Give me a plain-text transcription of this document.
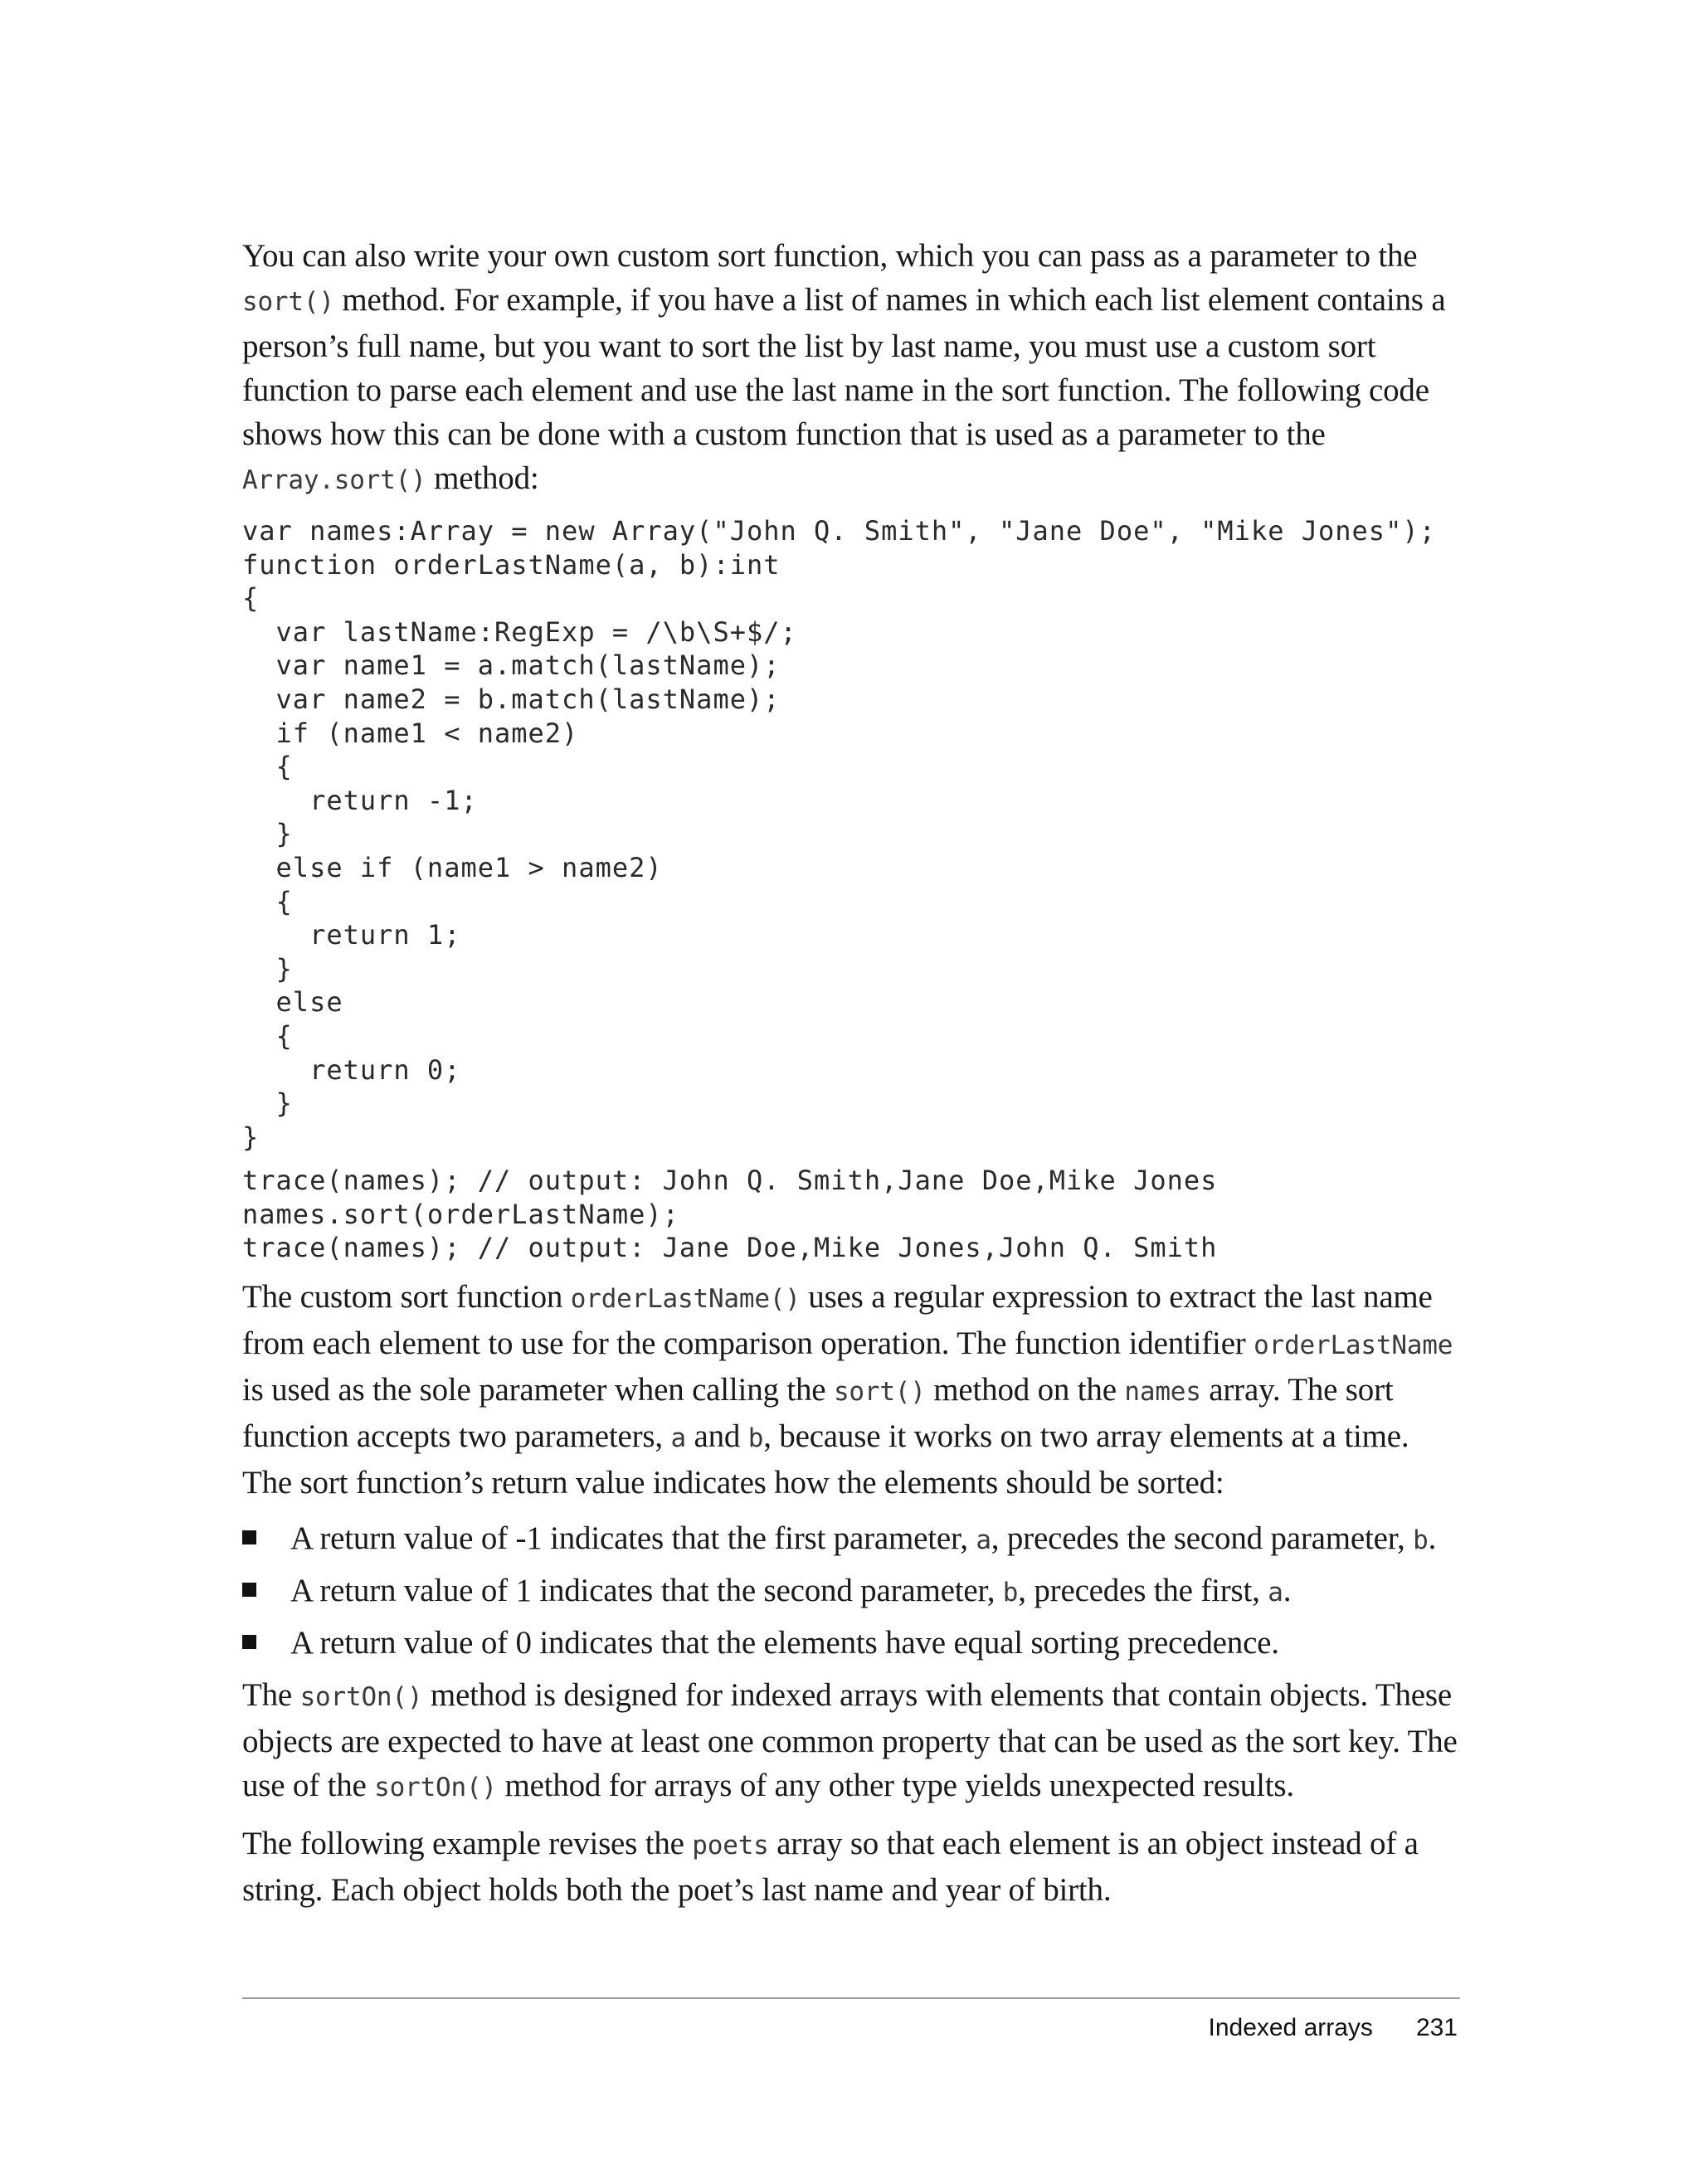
You can also write your own custom sort function, which you can pass as a parameter to the sort() method. For example, if you have a list of names in which each list element contains a person’s full name, but you want to sort the list by last name, you must use a custom sort function to parse each element and use the last name in the sort function. The following code shows how this can be done with a custom function that is used as a parameter to the Array.sort() method:

var names:Array = new Array("John Q. Smith", "Jane Doe", "Mike Jones");
function orderLastName(a, b):int
{
var lastName:RegExp = /\b\S+$/;
var name1 = a.match(lastName);
var name2 = b.match(lastName);
if (name1 < name2)
{
return -1;
}
else if (name1 > name2)
{
return 1;
}
else
{
return 0;
}
}
trace(names); // output: John Q. Smith,Jane Doe,Mike Jones
names.sort(orderLastName);
trace(names); // output: Jane Doe,Mike Jones,John Q. Smith

The custom sort function orderLastName() uses a regular expression to extract the last name from each element to use for the comparison operation. The function identifier orderLastName is used as the sole parameter when calling the sort() method on the names array. The sort function accepts two parameters, a and b, because it works on two array elements at a time. The sort function’s return value indicates how the elements should be sorted:

A return value of -1 indicates that the first parameter, a, precedes the second parameter, b.
A return value of 1 indicates that the second parameter, b, precedes the first, a.
A return value of 0 indicates that the elements have equal sorting precedence.

The sortOn() method is designed for indexed arrays with elements that contain objects. These objects are expected to have at least one common property that can be used as the sort key. The use of the sortOn() method for arrays of any other type yields unexpected results.

The following example revises the poets array so that each element is an object instead of a string. Each object holds both the poet’s last name and year of birth.

Indexed arrays 231
